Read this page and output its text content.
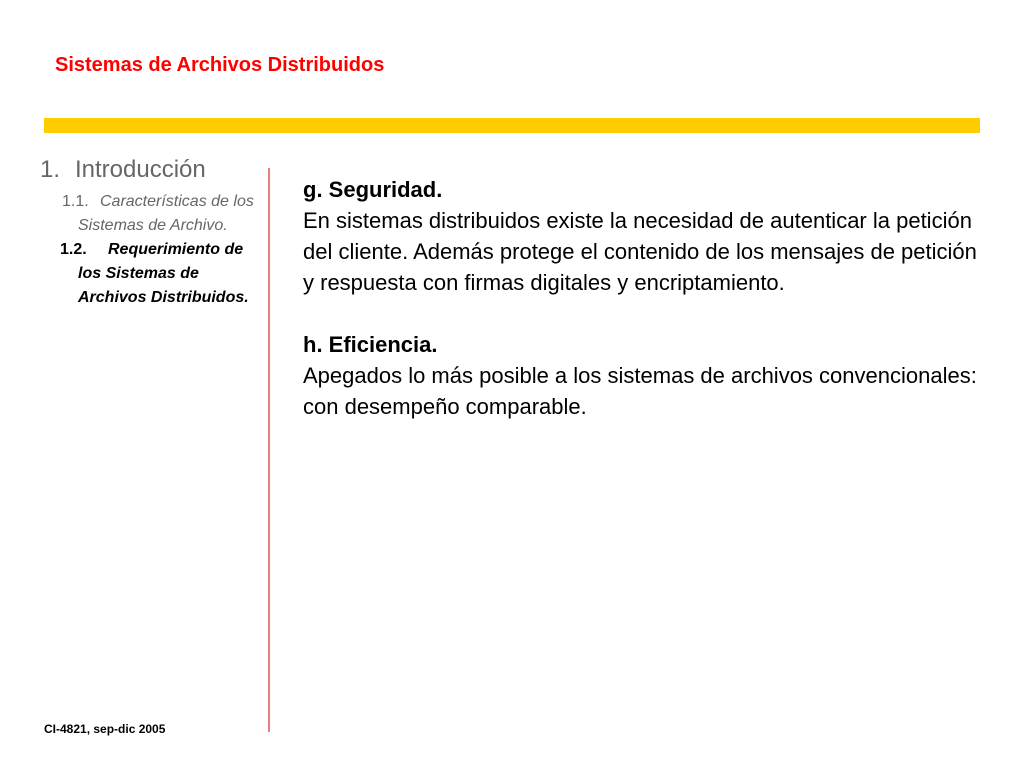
Sistemas de Archivos Distribuidos
1. Introducción
1.1. Características de los Sistemas de Archivo.
1.2.	Requerimiento de los Sistemas de Archivos Distribuidos.
g. Seguridad.
En sistemas distribuidos existe la necesidad de autenticar la petición del cliente. Además protege el contenido de los mensajes de petición y respuesta con firmas digitales y encriptamiento.
h. Eficiencia.
Apegados lo más posible a los sistemas de archivos convencionales: con desempeño comparable.
CI-4821, sep-dic 2005
